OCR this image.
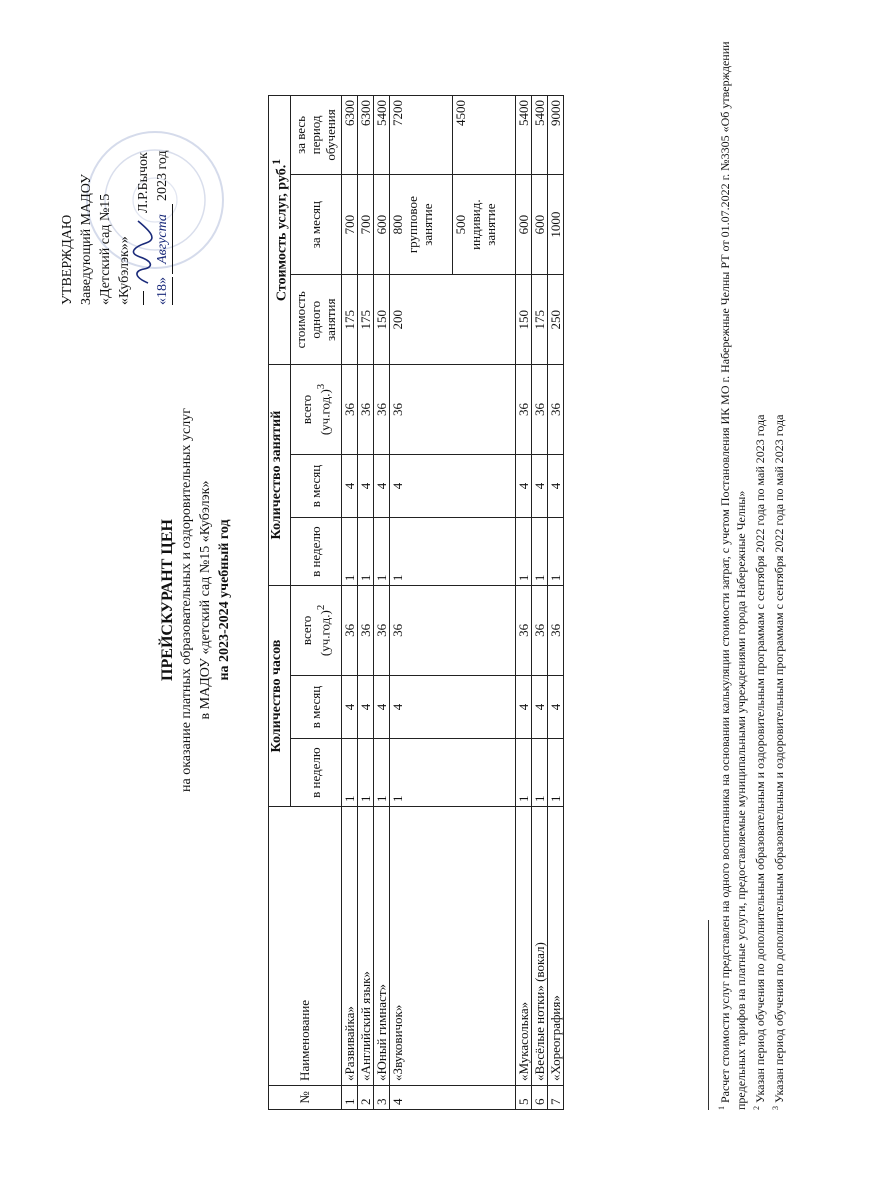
УТВЕРЖДАЮ Заведующий МАДОУ «Детский сад №15 «Кубэлэк»»
Л.Р.Бычок
«18»
Августа
2023 год
ПРЕЙСКУРАНТ ЦЕН на оказание платных образовательных и оздоровительных услуг в МАДОУ «детский сад №15 «Кубэлэк» на 2023-2024 учебный год
№	Наименование	Количество часов			Количество занятий			Стоимость услуг, руб.$^1$
		в неделю	в месяц	всего $(уч.год.)^2$	в неделю	в месяц	всего $(уч.год.)^3$	стоимость одного занятия	за месяц	за весь период обучения
1	«Развивайка»	1	4	36	1	4	36	175	700	6300
2	«Английский язык»	1	4	36	1	4	36	175	700	6300
3	«Юный гимнаст»	1	4	36	1	4	36	150	600	5400
4	«Звуковичок»	1	4	36	1	4	36	200	800 групповое занятие	7200

									500 индивид. занятие	4500
5	«Мукасолька»	1	4	36	1	4	36	150	600	5400
6	«Весёлые нотки» (вокал)	1	4	36	1	4	36	175	600	5400
7	«Хореография»	1	4	36	1	4	36	250	1000	9000
$^1$ Расчет стоимости услуг представлен на одного воспитанника на основании калькуляции стоимости затрат, с учетом Постановления ИК МО г. Набережные Челны РТ от 01.07.2022 г. №3305 «Об утверждении предельных тарифов на платные услуги, предоставляемые муниципальными учреждениями города Набережные Челны» $^2$ Указан период обучения по дополнительным образовательным и оздоровительным программам с сентября 2022 года по май 2023 года
$^3$ Указан период обучения по дополнительным образовательным и оздоровительным программам с сентября 2022 года по май 2023 года
